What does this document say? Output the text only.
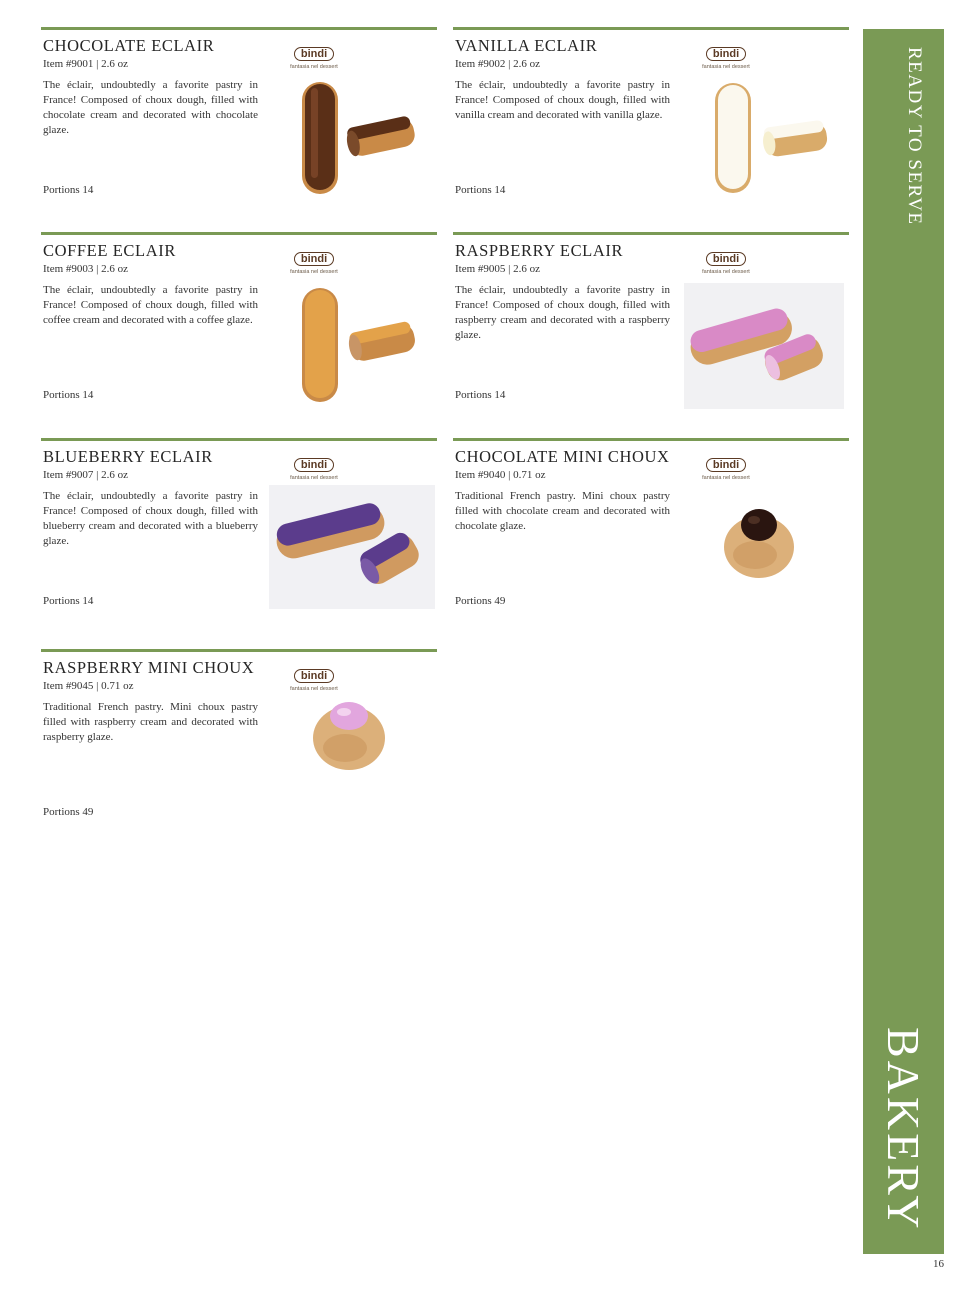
CHOCOLATE ECLAIR
Item #9001 | 2.6 oz

The éclair, undoubtedly a favorite pastry in France! Composed of choux dough, filled with chocolate cream and decorated with chocolate glaze.

Portions 14
bindi
fantasia nel dessert
VANILLA ECLAIR
Item #9002 | 2.6 oz

The éclair, undoubtedly a favorite pastry in France! Composed of choux dough, filled with vanilla cream and decorated with vanilla glaze.

Portions 14
bindi
fantasia nel dessert
COFFEE ECLAIR
Item #9003 | 2.6 oz

The éclair, undoubtedly a favorite pastry in France! Composed of choux dough, filled with coffee cream and decorated with a coffee glaze.

Portions 14
bindi
fantasia nel dessert
RASPBERRY ECLAIR
Item #9005 | 2.6 oz

The éclair, undoubtedly a favorite pastry in France! Composed of choux dough, filled with raspberry cream and decorated with a raspberry glaze.

Portions 14
bindi
fantasia nel dessert
BLUEBERRY ECLAIR
Item #9007 | 2.6 oz

The éclair, undoubtedly a favorite pastry in France! Composed of choux dough, filled with blueberry cream and decorated with a blueberry glaze.

Portions 14
bindi
fantasia nel dessert
CHOCOLATE MINI CHOUX
Item #9040 | 0.71 oz

Traditional French pastry. Mini choux pastry filled with chocolate cream and decorated with chocolate glaze.

Portions 49
bindi
fantasia nel dessert
RASPBERRY MINI CHOUX
Item #9045 | 0.71 oz

Traditional French pastry. Mini choux pastry filled with raspberry cream and decorated with raspberry glaze.

Portions 49
bindi
fantasia nel dessert
READY TO SERVE
BAKERY
16
